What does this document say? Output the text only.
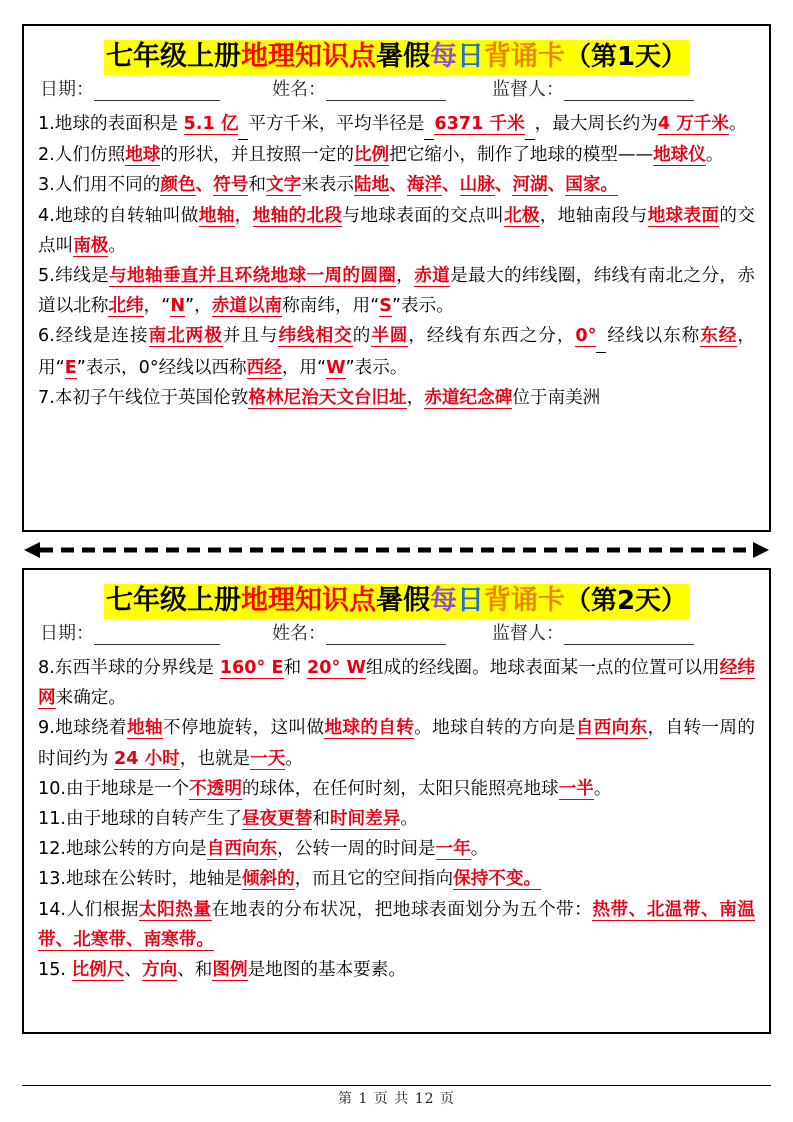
七年级上册地理知识点暑假每日背诵卡（第1天）
日期：	姓名：	监督人：

1.地球的表面积是 5.1 亿 平方千米，平均半径是 6371 千米 ，最大周长约为4 万千米。

2.人们仿照地球的形状，并且按照一定的比例把它缩小，制作了地球的模型——地球仪。

3.人们用不同的颜色、符号和文字来表示陆地、海洋、山脉、河湖、国家。

4.地球的自转轴叫做地轴，地轴的北段与地球表面的交点叫北极，地轴南段与地球表面的交点叫南极。

5.纬线是与地轴垂直并且环绕地球一周的圆圈，赤道是最大的纬线圈，纬线有南北之分，赤道以北称北纬，“N”，赤道以南称南纬，用“S”表示。

6.经线是连接南北两极并且与纬线相交的半圆，经线有东西之分，0° 经线以东称东经，用“E”表示，0°经线以西称西经，用“W”表示。

7.本初子午线位于英国伦敦格林尼治天文台旧址，赤道纪念碑位于南美洲

七年级上册地理知识点暑假每日背诵卡（第2天）
日期：	姓名：	监督人：

8.东西半球的分界线是 160° E和 20° W组成的经线圈。地球表面某一点的位置可以用经纬网来确定。

9.地球绕着地轴不停地旋转，这叫做地球的自转。地球自转的方向是自西向东，自转一周的时间约为 24 小时，也就是一天。

10.由于地球是一个不透明的球体，在任何时刻，太阳只能照亮地球一半。

11.由于地球的自转产生了昼夜更替和时间差异。

12.地球公转的方向是自西向东，公转一周的时间是一年。

13.地球在公转时，地轴是倾斜的，而且它的空间指向保持不变。

14.人们根据太阳热量在地表的分布状况，把地球表面划分为五个带：热带、北温带、南温带、北寒带、南寒带。

15. 比例尺、方向、和图例是地图的基本要素。

第 1 页 共 12 页
